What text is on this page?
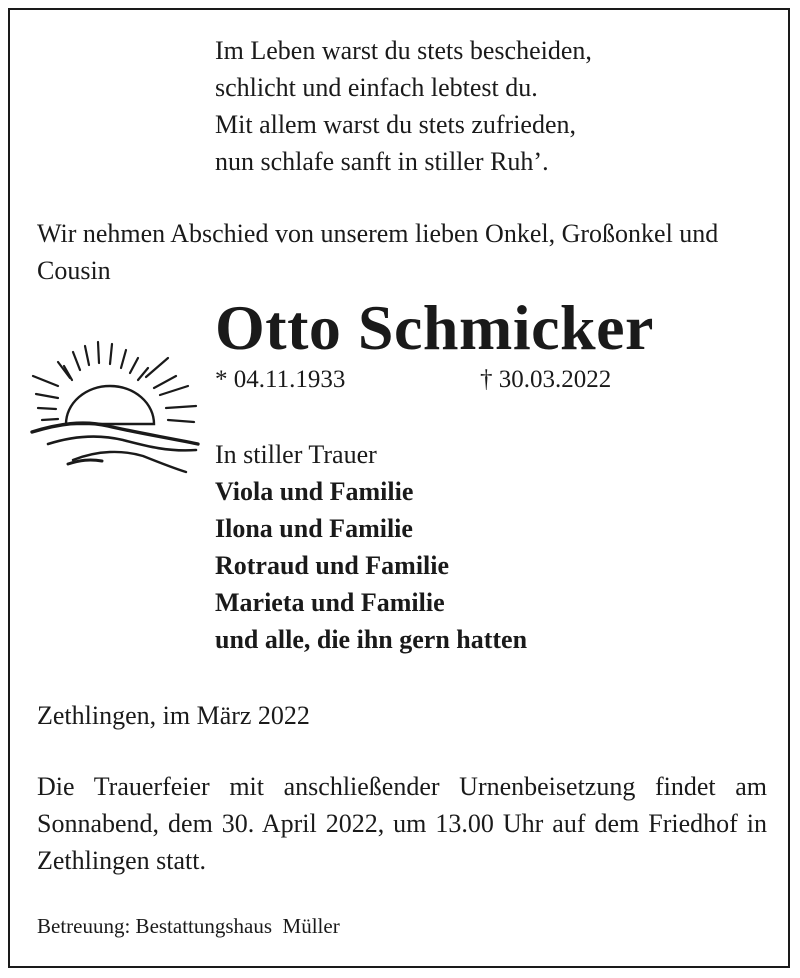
Im Leben warst du stets bescheiden,
schlicht und einfach lebtest du.
Mit allem warst du stets zufrieden,
nun schlafe sanft in stiller Ruh’.
Wir nehmen Abschied von unserem lieben Onkel, Großonkel und Cousin
Otto Schmicker
* 04.11.1933	† 30.03.2022
In stiller Trauer
Viola und Familie
Ilona und Familie
Rotraud und Familie
Marieta und Familie
und alle, die ihn gern hatten
Zethlingen, im März 2022
Die Trauerfeier mit anschließender Urnenbeisetzung findet am Sonnabend, dem 30. April 2022, um 13.00 Uhr auf dem Friedhof in Zethlingen statt.
Betreuung: Bestattungshaus  Müller
